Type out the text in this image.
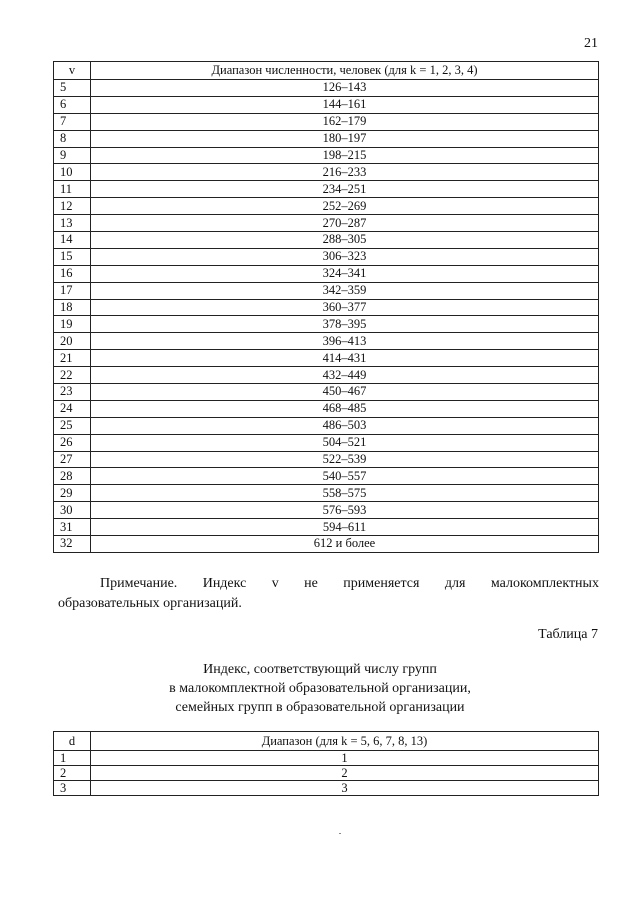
21
v	Диапазон численности, человек (для k = 1, 2, 3, 4)
5	126–143
6	144–161
7	162–179
8	180–197
9	198–215
10	216–233
11	234–251
12	252–269
13	270–287
14	288–305
15	306–323
16	324–341
17	342–359
18	360–377
19	378–395
20	396–413
21	414–431
22	432–449
23	450–467
24	468–485
25	486–503
26	504–521
27	522–539
28	540–557
29	558–575
30	576–593
31	594–611
32	612 и более
Примечание. Индекс v не применяется для малокомплектных
образовательных организаций.
Таблица 7
Индекс, соответствующий числу групп
в малокомплектной образовательной организации,
семейных групп в образовательной организации
d	Диапазон (для k = 5, 6, 7, 8, 13)
1	1
2	2
3	3
